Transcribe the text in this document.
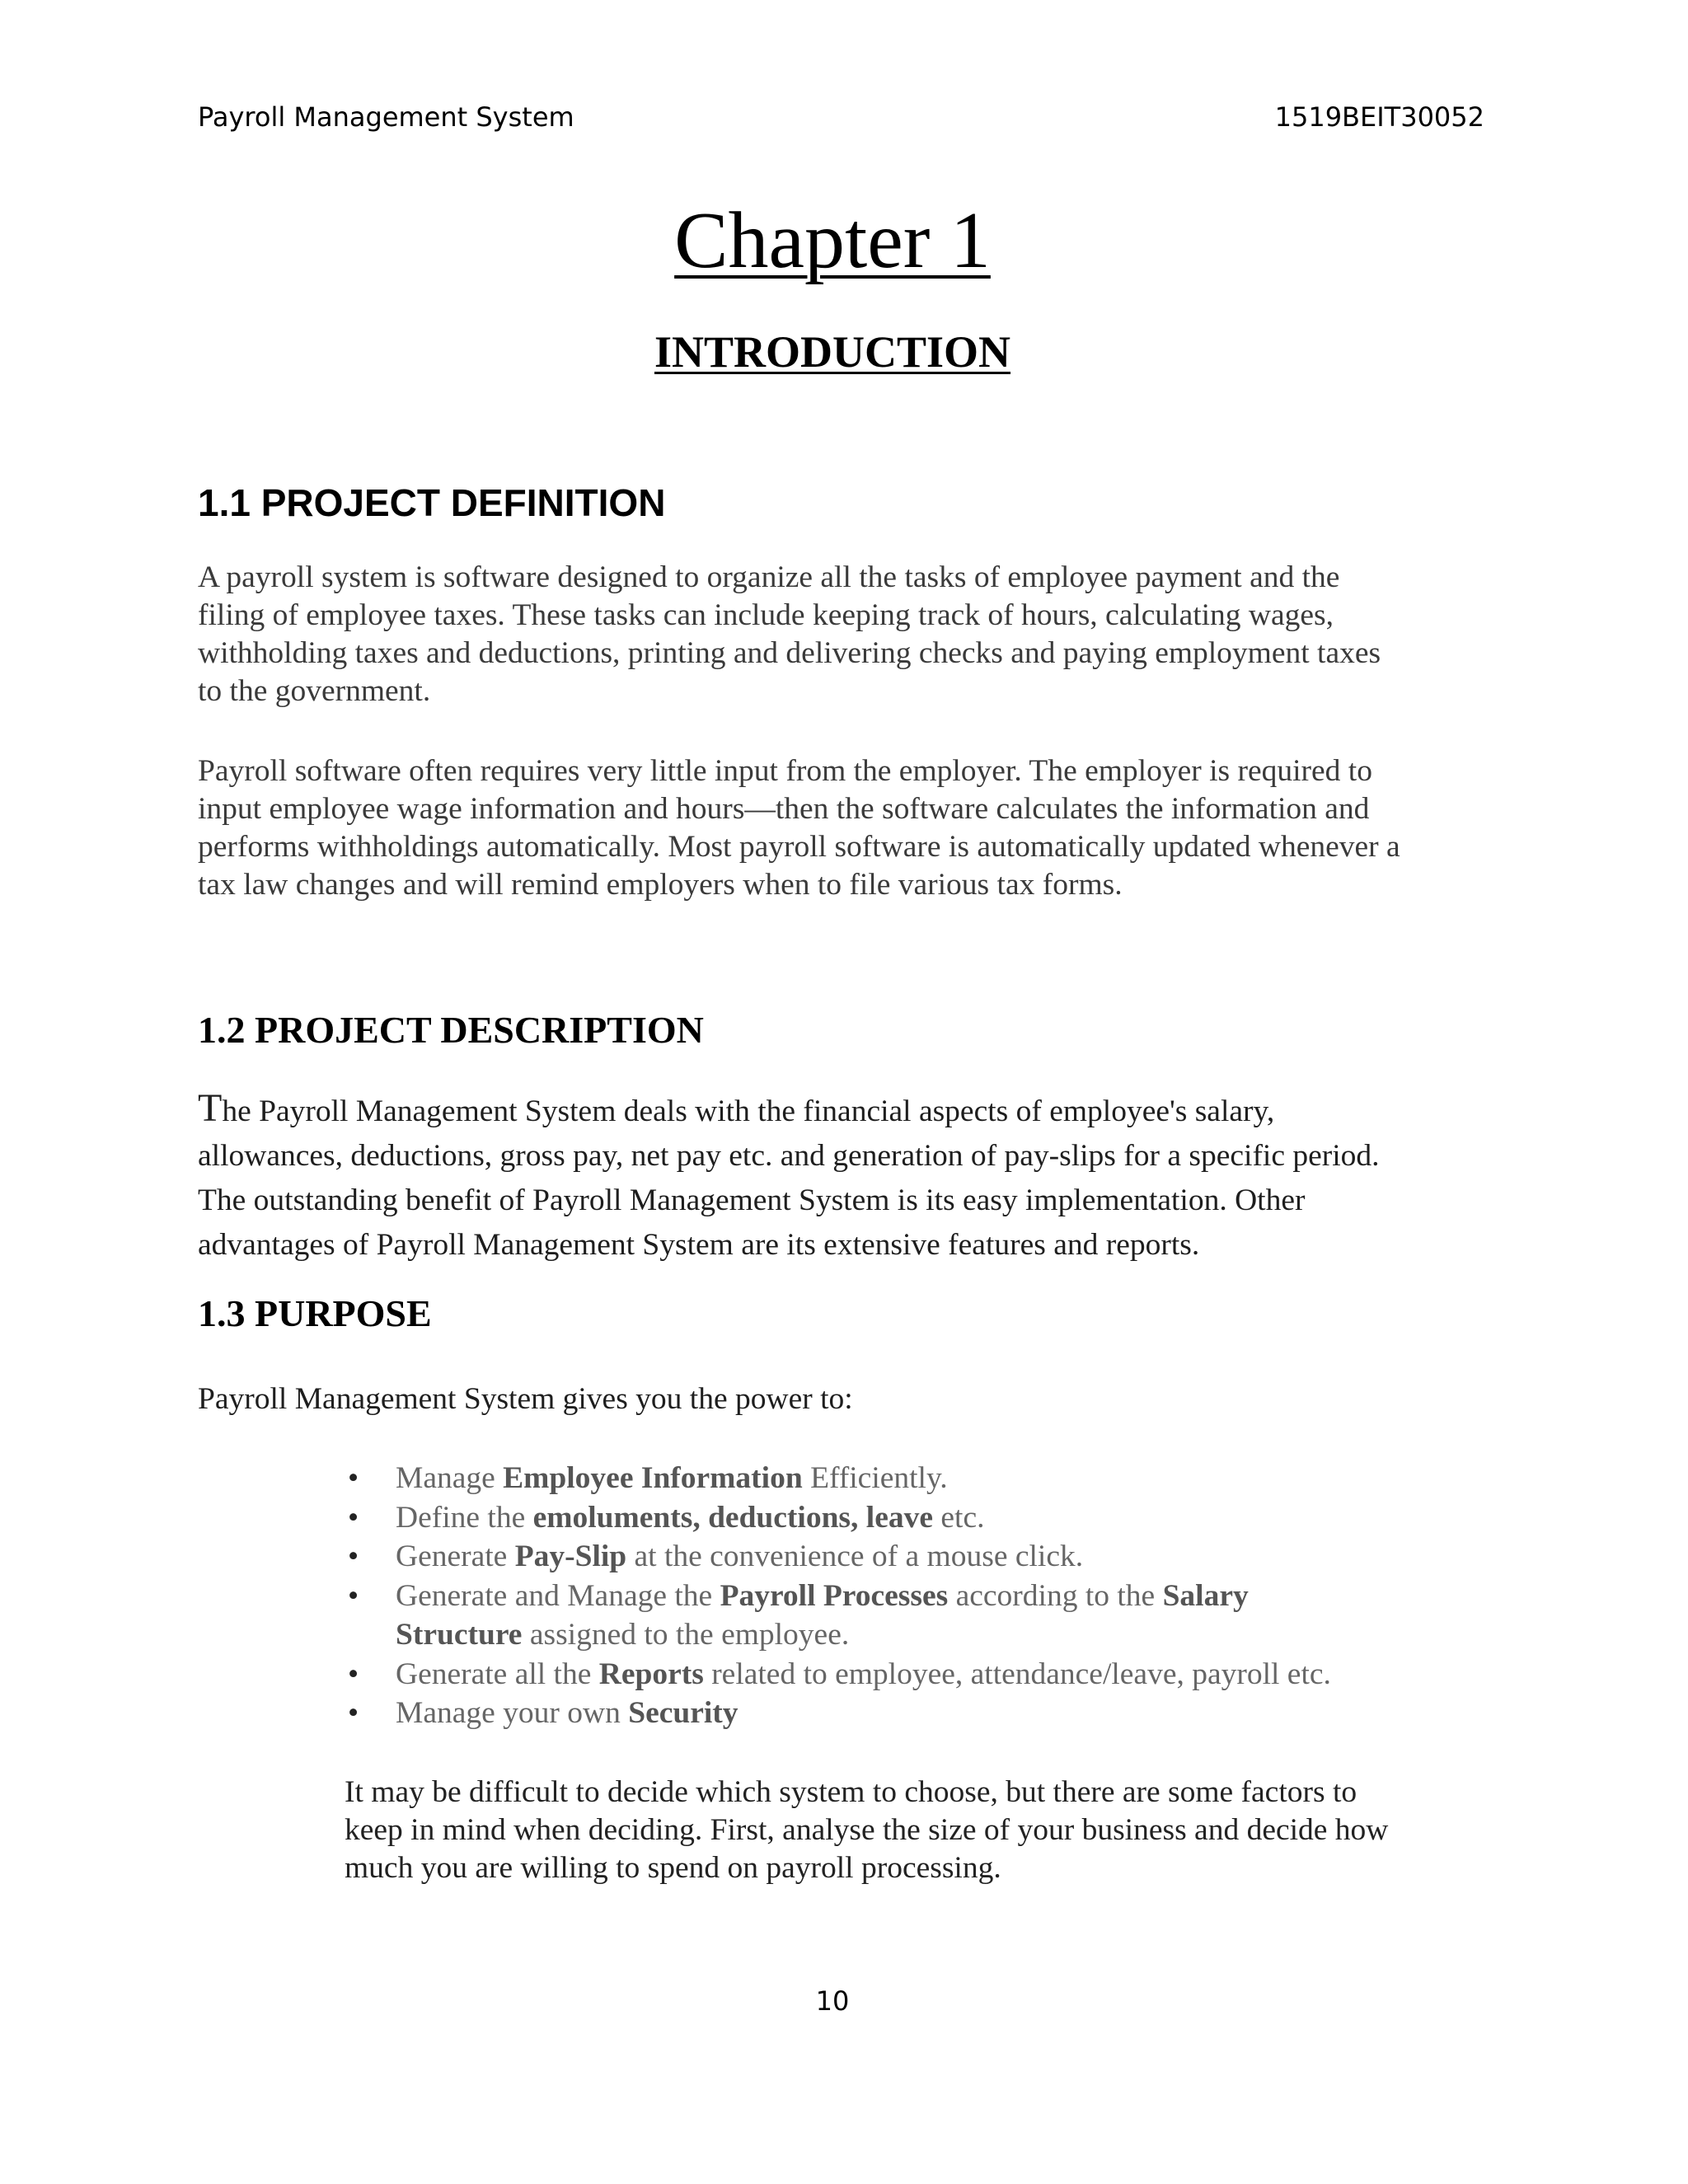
Payroll Management System	1519BEIT30052
Chapter 1
INTRODUCTION
1.1 PROJECT DEFINITION
A payroll system is software designed to organize all the tasks of employee payment and the
filing of employee taxes. These tasks can include keeping track of hours, calculating wages,
withholding taxes and deductions, printing and delivering checks and paying employment taxes
to the government.
Payroll software often requires very little input from the employer. The employer is required to
input employee wage information and hours—then the software calculates the information and
performs withholdings automatically. Most payroll software is automatically updated whenever a
tax law changes and will remind employers when to file various tax forms.
1.2 PROJECT DESCRIPTION
The Payroll Management System deals with the financial aspects of employee's salary,
allowances, deductions, gross pay, net pay etc. and generation of pay-slips for a specific period.
The outstanding benefit of Payroll Management System is its easy implementation. Other
advantages of Payroll Management System are its extensive features and reports.
1.3 PURPOSE
Payroll Management System gives you the power to:
• Manage Employee Information Efficiently.
• Define the emoluments, deductions, leave etc.
• Generate Pay-Slip at the convenience of a mouse click.
• Generate and Manage the Payroll Processes according to the Salary
Structure assigned to the employee.
• Generate all the Reports related to employee, attendance/leave, payroll etc.
• Manage your own Security
It may be difficult to decide which system to choose, but there are some factors to
keep in mind when deciding. First, analyse the size of your business and decide how
much you are willing to spend on payroll processing.
10
